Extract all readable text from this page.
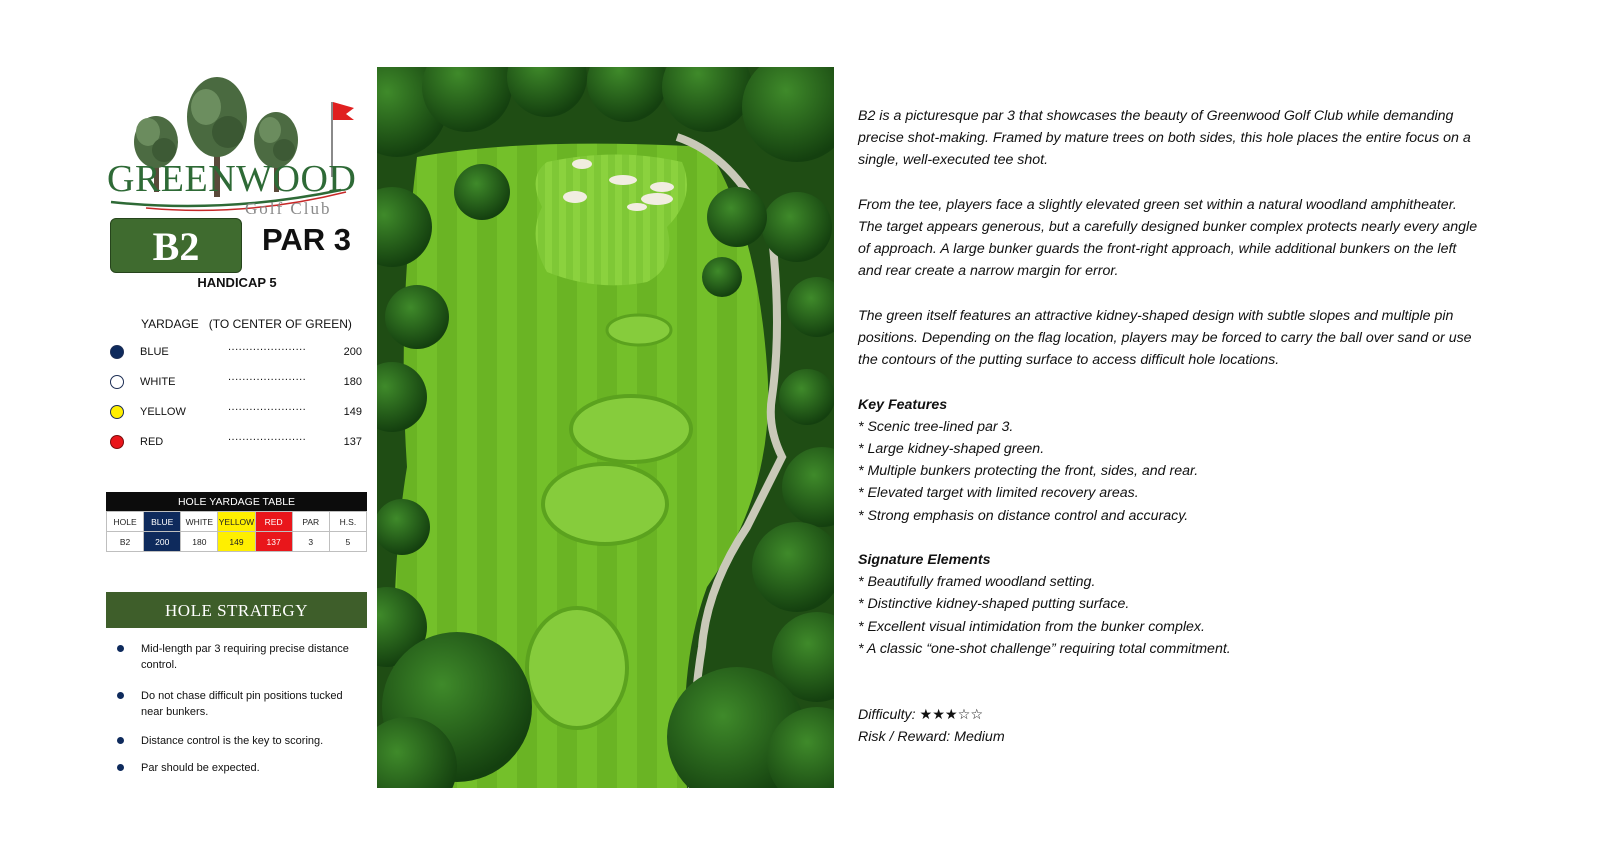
GREENWOOD
Golf Club
B2	PAR 3
HANDICAP 5
YARDAGE   (TO CENTER OF GREEN)
BLUE	......................	200
WHITE	......................	180
YELLOW	......................	149
RED	......................	137
HOLE YARDAGE TABLE
HOLE	BLUE	WHITE	YELLOW	RED	PAR	H.S.
B2	200	180	149	137	3	5
HOLE STRATEGY
Mid-length par 3 requiring precise distance control.
Do not chase difficult pin positions tucked near bunkers.
Distance control is the key to scoring.
Par should be expected.

B2 is a picturesque par 3 that showcases the beauty of Greenwood Golf Club while demanding
precise shot-making. Framed by mature trees on both sides, this hole places the entire focus on a
single, well-executed tee shot.

From the tee, players face a slightly elevated green set within a natural woodland amphitheater.
The target appears generous, but a carefully designed bunker complex protects nearly every angle
of approach. A large bunker guards the front-right approach, while additional bunkers on the left
and rear create a narrow margin for error.

The green itself features an attractive kidney-shaped design with subtle slopes and multiple pin
positions. Depending on the flag location, players may be forced to carry the ball over sand or use
the contours of the putting surface to access difficult hole locations.

Key Features
* Scenic tree-lined par 3.
* Large kidney-shaped green.
* Multiple bunkers protecting the front, sides, and rear.
* Elevated target with limited recovery areas.
* Strong emphasis on distance control and accuracy.

Signature Elements
* Beautifully framed woodland setting.
* Distinctive kidney-shaped putting surface.
* Excellent visual intimidation from the bunker complex.
* A classic “one-shot challenge” requiring total commitment.

Difficulty: ★★★☆☆
Risk / Reward: Medium
